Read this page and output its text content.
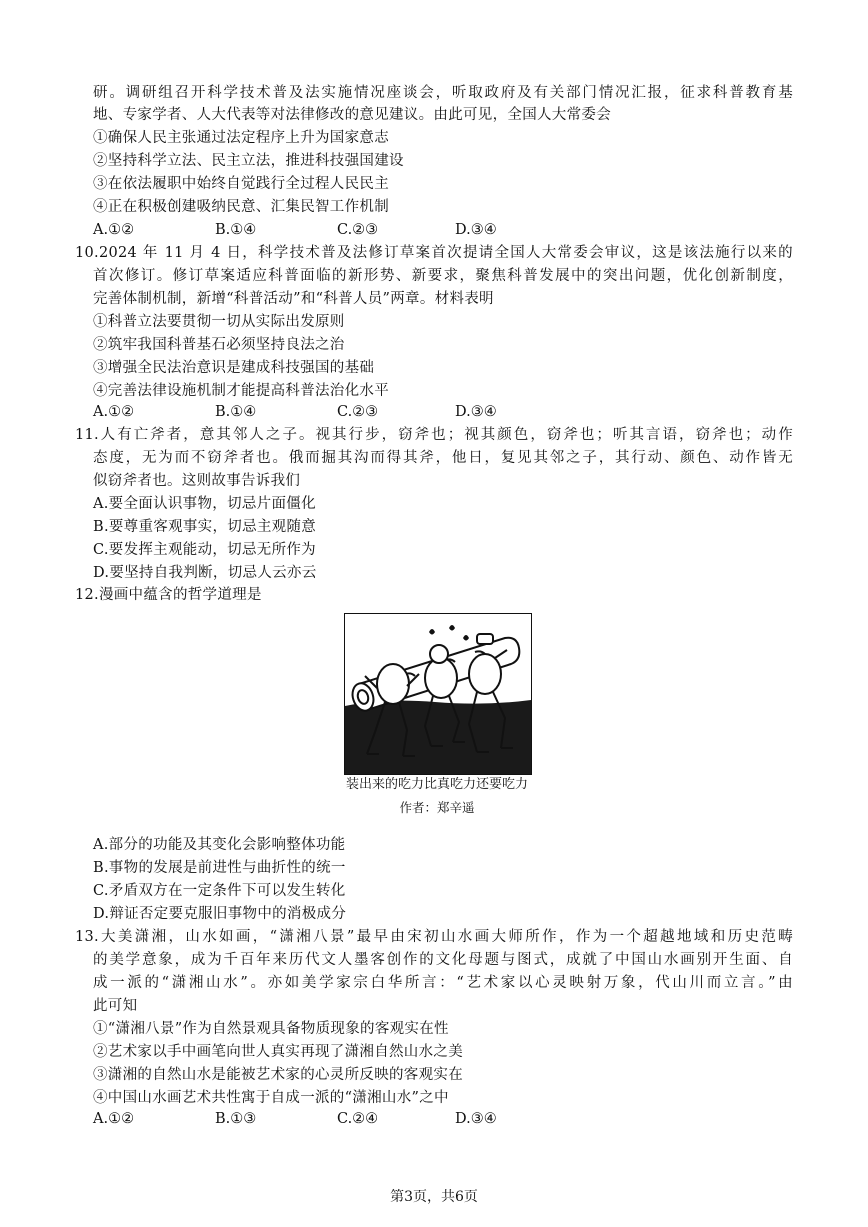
研。调研组召开科学技术普及法实施情况座谈会，听取政府及有关部门情况汇报，征求科普教育基
地、专家学者、人大代表等对法律修改的意见建议。由此可见，全国人大常委会
①确保人民主张通过法定程序上升为国家意志
②坚持科学立法、民主立法，推进科技强国建设
③在依法履职中始终自觉践行全过程人民民主
④正在积极创建吸纳民意、汇集民智工作机制
A.①②	B.①④	C.②③	D.③④
10.2024 年 11 月 4 日，科学技术普及法修订草案首次提请全国人大常委会审议，这是该法施行以来的
首次修订。修订草案适应科普面临的新形势、新要求，聚焦科普发展中的突出问题，优化创新制度，
完善体制机制，新增“科普活动”和“科普人员”两章。材料表明
①科普立法要贯彻一切从实际出发原则
②筑牢我国科普基石必须坚持良法之治
③增强全民法治意识是建成科技强国的基础
④完善法律设施机制才能提高科普法治化水平
A.①②	B.①④	C.②③	D.③④
11.人有亡斧者，意其邻人之子。视其行步，窃斧也；视其颜色，窃斧也；听其言语，窃斧也；动作
态度，无为而不窃斧者也。俄而掘其沟而得其斧，他日，复见其邻之子，其行动、颜色、动作皆无
似窃斧者也。这则故事告诉我们
A.要全面认识事物，切忌片面僵化
B.要尊重客观事实，切忌主观随意
C.要发挥主观能动，切忌无所作为
D.要坚持自我判断，切忌人云亦云
12.漫画中蕴含的哲学道理是
装出来的吃力比真吃力还要吃力
作者：郑辛遥
A.部分的功能及其变化会影响整体功能
B.事物的发展是前进性与曲折性的统一
C.矛盾双方在一定条件下可以发生转化
D.辩证否定要克服旧事物中的消极成分
13.大美潇湘，山水如画，“潇湘八景”最早由宋初山水画大师所作，作为一个超越地域和历史范畴
的美学意象，成为千百年来历代文人墨客创作的文化母题与图式，成就了中国山水画别开生面、自
成一派的“潇湘山水”。亦如美学家宗白华所言：“艺术家以心灵映射万象，代山川而立言。”由
此可知
①“潇湘八景”作为自然景观具备物质现象的客观实在性
②艺术家以手中画笔向世人真实再现了潇湘自然山水之美
③潇湘的自然山水是能被艺术家的心灵所反映的客观实在
④中国山水画艺术共性寓于自成一派的“潇湘山水”之中
A.①②	B.①③	C.②④	D.③④
第3页，共6页
